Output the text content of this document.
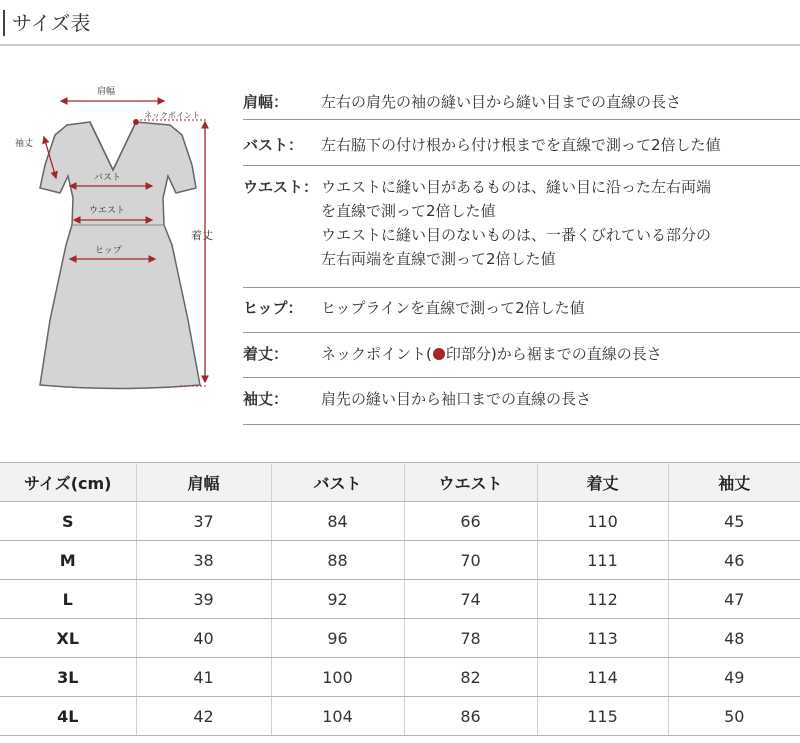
サイズ表
肩幅
ネックポイント
袖丈
バスト
ウエスト
着丈
ヒップ
肩幅： 左右の肩先の袖の縫い目から縫い目までの直線の長さ
バスト： 左右脇下の付け根から付け根までを直線で測って2倍した値
ウエスト： ウエストに縫い目があるものは、縫い目に沿った左右両端
を直線で測って2倍した値
ウエストに縫い目のないものは、一番くびれている部分の
左右両端を直線で測って2倍した値
ヒップ： ヒップラインを直線で測って2倍した値
着丈： ネックポイント( 印部分)から裾までの直線の長さ
袖丈： 肩先の縫い目から袖口までの直線の長さ
サイズ(cm)	肩幅	バスト	ウエスト	着丈	袖丈
S	37	84	66	110	45
M	38	88	70	111	46
L	39	92	74	112	47
XL	40	96	78	113	48
3L	41	100	82	114	49
4L	42	104	86	115	50
